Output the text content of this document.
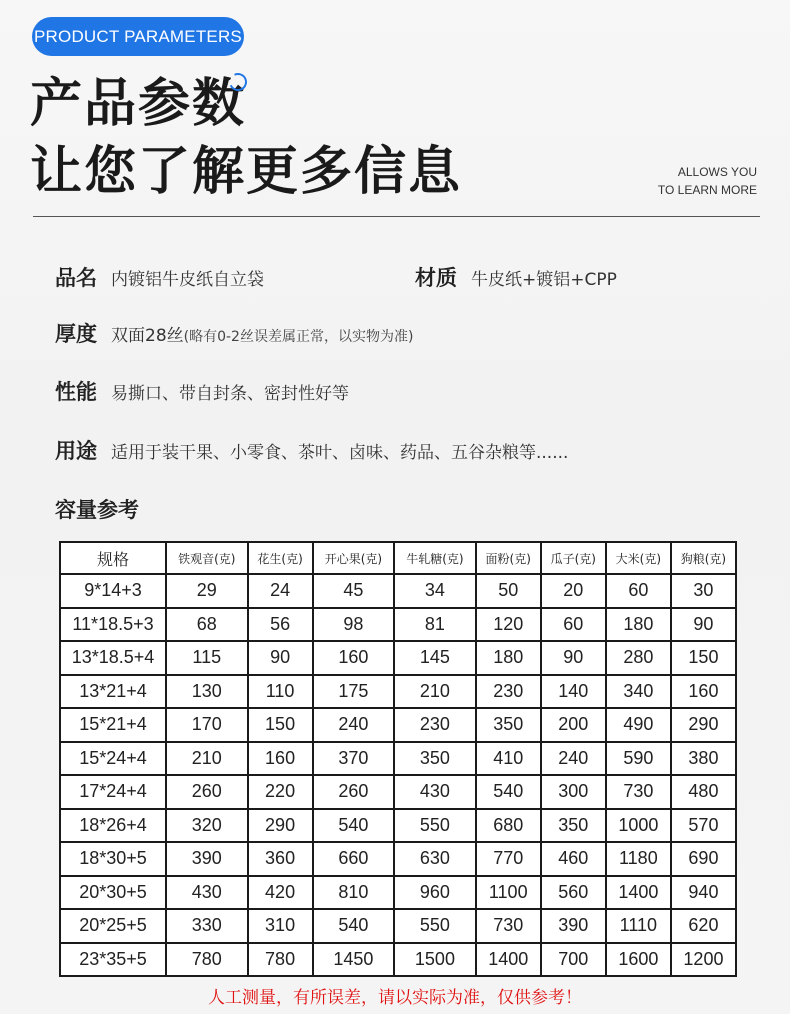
PRODUCT PARAMETERS
产品参数
让您了解更多信息	ALLOWS YOU
TO LEARN MORE
品名 内镀铝牛皮纸自立袋	材质 牛皮纸+镀铝+CPP
厚度 双面28丝(略有0-2丝误差属正常，以实物为准)
性能 易撕口、带自封条、密封性好等
用途 适用于装干果、小零食、茶叶、卤味、药品、五谷杂粮等......
容量参考
规格	铁观音(克)	花生(克)	开心果(克)	牛轧糖(克)	面粉(克)	瓜子(克)	大米(克)	狗粮(克)
9*14+3	29	24	45	34	50	20	60	30
11*18.5+3	68	56	98	81	120	60	180	90
13*18.5+4	115	90	160	145	180	90	280	150
13*21+4	130	110	175	210	230	140	340	160
15*21+4	170	150	240	230	350	200	490	290
15*24+4	210	160	370	350	410	240	590	380
17*24+4	260	220	260	430	540	300	730	480
18*26+4	320	290	540	550	680	350	1000	570
18*30+5	390	360	660	630	770	460	1180	690
20*30+5	430	420	810	960	1100	560	1400	940
20*25+5	330	310	540	550	730	390	1110	620
23*35+5	780	780	1450	1500	1400	700	1600	1200
人工测量，有所误差，请以实际为准，仅供参考！
